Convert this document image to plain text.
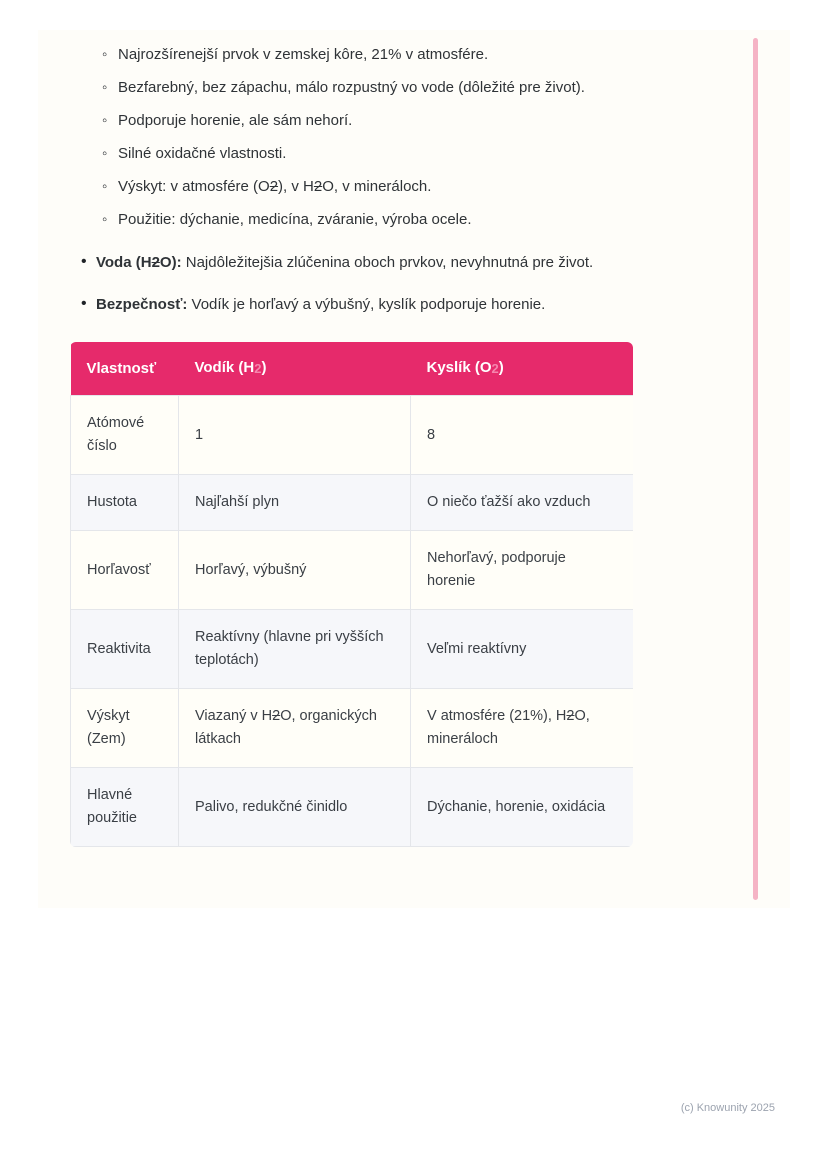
◦ Najrozšírenejší prvok v zemskej kôre, 21% v atmosfére.
◦ Bezfarebný, bez zápachu, málo rozpustný vo vode (dôležité pre život).
◦ Podporuje horenie, ale sám nehorí.
◦ Silné oxidačné vlastnosti.
◦ Výskyt: v atmosfére (O2), v H2O, v mineráloch.
◦ Použitie: dýchanie, medicína, zváranie, výroba ocele.
• Voda (H2O): Najdôležitejšia zlúčenina oboch prvkov, nevyhnutná pre život.
• Bezpečnosť: Vodík je horľavý a výbušný, kyslík podporuje horenie.
Vlastnosť	Vodík (H2)	Kyslík (O2)
Atómové číslo	1	8
Hustota	Najľahší plyn	O niečo ťažší ako vzduch
Horľavosť	Horľavý, výbušný	Nehorľavý, podporuje horenie
Reaktivita	Reaktívny (hlavne pri vyšších teplotách)	Veľmi reaktívny
Výskyt (Zem)	Viazaný v H2O, organických látkach	V atmosfére (21%), H2O, mineráloch
Hlavné použitie	Palivo, redukčné činidlo	Dýchanie, horenie, oxidácia
(c) Knowunity 2025
